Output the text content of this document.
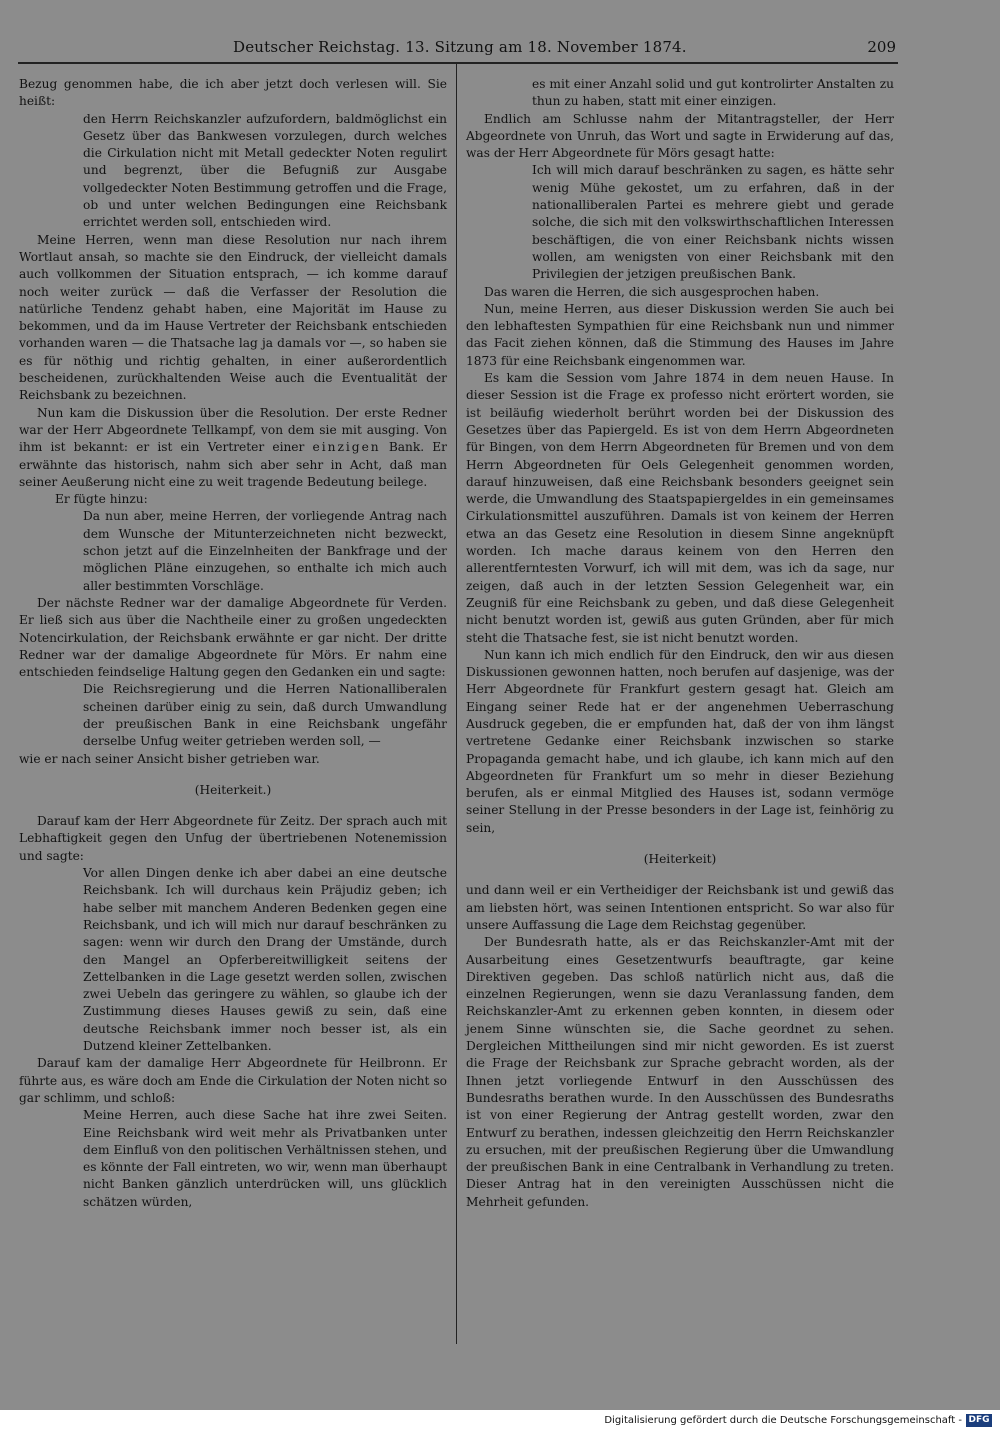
Deutscher Reichstag. 13. Sitzung am 18. November 1874.	209

Bezug genommen habe, die ich aber jetzt doch verlesen will. Sie heißt:

den Herrn Reichskanzler aufzufordern, baldmöglichst ein Gesetz über das Bankwesen vorzulegen, durch welches die Cirkulation nicht mit Metall gedeckter Noten regulirt und begrenzt, über die Befugniß zur Ausgabe vollgedeckter Noten Bestimmung getroffen und die Frage, ob und unter welchen Bedingungen eine Reichsbank errichtet werden soll, entschieden wird.

Meine Herren, wenn man diese Resolution nur nach ihrem Wortlaut ansah, so machte sie den Eindruck, der vielleicht damals auch vollkommen der Situation entsprach, — ich komme darauf noch weiter zurück — daß die Verfasser der Resolution die natürliche Tendenz gehabt haben, eine Majorität im Hause zu bekommen, und da im Hause Vertreter der Reichsbank entschieden vorhanden waren — die Thatsache lag ja damals vor —, so haben sie es für nöthig und richtig gehalten, in einer außerordentlich bescheidenen, zurückhaltenden Weise auch die Eventualität der Reichsbank zu bezeichnen.

Nun kam die Diskussion über die Resolution. Der erste Redner war der Herr Abgeordnete Tellkampf, von dem sie mit ausging. Von ihm ist bekannt: er ist ein Vertreter einer einzigen Bank. Er erwähnte das historisch, nahm sich aber sehr in Acht, daß man seiner Aeußerung nicht eine zu weit tragende Bedeutung beilege.

Er fügte hinzu:

Da nun aber, meine Herren, der vorliegende Antrag nach dem Wunsche der Mitunterzeichneten nicht bezweckt, schon jetzt auf die Einzelnheiten der Bankfrage und der möglichen Pläne einzugehen, so enthalte ich mich auch aller bestimmten Vorschläge.

Der nächste Redner war der damalige Abgeordnete für Verden. Er ließ sich aus über die Nachtheile einer zu großen ungedeckten Notencirkulation, der Reichsbank erwähnte er gar nicht. Der dritte Redner war der damalige Abgeordnete für Mörs. Er nahm eine entschieden feindselige Haltung gegen den Gedanken ein und sagte:

Die Reichsregierung und die Herren Nationalliberalen scheinen darüber einig zu sein, daß durch Umwandlung der preußischen Bank in eine Reichsbank ungefähr derselbe Unfug weiter getrieben werden soll, —

wie er nach seiner Ansicht bisher getrieben war.

(Heiterkeit.)

Darauf kam der Herr Abgeordnete für Zeitz. Der sprach auch mit Lebhaftigkeit gegen den Unfug der übertriebenen Notenemission und sagte:

Vor allen Dingen denke ich aber dabei an eine deutsche Reichsbank. Ich will durchaus kein Präjudiz geben; ich habe selber mit manchem Anderen Bedenken gegen eine Reichsbank, und ich will mich nur darauf beschränken zu sagen: wenn wir durch den Drang der Umstände, durch den Mangel an Opferbereitwilligkeit seitens der Zettelbanken in die Lage gesetzt werden sollen, zwischen zwei Uebeln das geringere zu wählen, so glaube ich der Zustimmung dieses Hauses gewiß zu sein, daß eine deutsche Reichsbank immer noch besser ist, als ein Dutzend kleiner Zettelbanken.

Darauf kam der damalige Herr Abgeordnete für Heilbronn. Er führte aus, es wäre doch am Ende die Cirkulation der Noten nicht so gar schlimm, und schloß:

Meine Herren, auch diese Sache hat ihre zwei Seiten. Eine Reichsbank wird weit mehr als Privatbanken unter dem Einfluß von den politischen Verhältnissen stehen, und es könnte der Fall eintreten, wo wir, wenn man überhaupt nicht Banken gänzlich unterdrücken will, uns glücklich schätzen würden,

es mit einer Anzahl solid und gut kontrolirter Anstalten zu thun zu haben, statt mit einer einzigen.

Endlich am Schlusse nahm der Mitantragsteller, der Herr Abgeordnete von Unruh, das Wort und sagte in Erwiderung auf das, was der Herr Abgeordnete für Mörs gesagt hatte:

Ich will mich darauf beschränken zu sagen, es hätte sehr wenig Mühe gekostet, um zu erfahren, daß in der nationalliberalen Partei es mehrere giebt und gerade solche, die sich mit den volkswirthschaftlichen Interessen beschäftigen, die von einer Reichsbank nichts wissen wollen, am wenigsten von einer Reichsbank mit den Privilegien der jetzigen preußischen Bank.

Das waren die Herren, die sich ausgesprochen haben.

Nun, meine Herren, aus dieser Diskussion werden Sie auch bei den lebhaftesten Sympathien für eine Reichsbank nun und nimmer das Facit ziehen können, daß die Stimmung des Hauses im Jahre 1873 für eine Reichsbank eingenommen war.

Es kam die Session vom Jahre 1874 in dem neuen Hause. In dieser Session ist die Frage ex professo nicht erörtert worden, sie ist beiläufig wiederholt berührt worden bei der Diskussion des Gesetzes über das Papiergeld. Es ist von dem Herrn Abgeordneten für Bingen, von dem Herrn Abgeordneten für Bremen und von dem Herrn Abgeordneten für Oels Gelegenheit genommen worden, darauf hinzuweisen, daß eine Reichsbank besonders geeignet sein werde, die Umwandlung des Staatspapiergeldes in ein gemeinsames Cirkulationsmittel auszuführen. Damals ist von keinem der Herren etwa an das Gesetz eine Resolution in diesem Sinne angeknüpft worden. Ich mache daraus keinem von den Herren den allerentferntesten Vorwurf, ich will mit dem, was ich da sage, nur zeigen, daß auch in der letzten Session Gelegenheit war, ein Zeugniß für eine Reichsbank zu geben, und daß diese Gelegenheit nicht benutzt worden ist, gewiß aus guten Gründen, aber für mich steht die Thatsache fest, sie ist nicht benutzt worden.

Nun kann ich mich endlich für den Eindruck, den wir aus diesen Diskussionen gewonnen hatten, noch berufen auf dasjenige, was der Herr Abgeordnete für Frankfurt gestern gesagt hat. Gleich am Eingang seiner Rede hat er der angenehmen Ueberraschung Ausdruck gegeben, die er empfunden hat, daß der von ihm längst vertretene Gedanke einer Reichsbank inzwischen so starke Propaganda gemacht habe, und ich glaube, ich kann mich auf den Abgeordneten für Frankfurt um so mehr in dieser Beziehung berufen, als er einmal Mitglied des Hauses ist, sodann vermöge seiner Stellung in der Presse besonders in der Lage ist, feinhörig zu sein,

(Heiterkeit)

und dann weil er ein Vertheidiger der Reichsbank ist und gewiß das am liebsten hört, was seinen Intentionen entspricht. So war also für unsere Auffassung die Lage dem Reichstag gegenüber.

Der Bundesrath hatte, als er das Reichskanzler-Amt mit der Ausarbeitung eines Gesetzentwurfs beauftragte, gar keine Direktiven gegeben. Das schloß natürlich nicht aus, daß die einzelnen Regierungen, wenn sie dazu Veranlassung fanden, dem Reichskanzler-Amt zu erkennen geben konnten, in diesem oder jenem Sinne wünschten sie, die Sache geordnet zu sehen. Dergleichen Mittheilungen sind mir nicht geworden. Es ist zuerst die Frage der Reichsbank zur Sprache gebracht worden, als der Ihnen jetzt vorliegende Entwurf in den Ausschüssen des Bundesraths berathen wurde. In den Ausschüssen des Bundesraths ist von einer Regierung der Antrag gestellt worden, zwar den Entwurf zu berathen, indessen gleichzeitig den Herrn Reichskanzler zu ersuchen, mit der preußischen Regierung über die Umwandlung der preußischen Bank in eine Centralbank in Verhandlung zu treten. Dieser Antrag hat in den vereinigten Ausschüssen nicht die Mehrheit gefunden.

Digitalisierung gefördert durch die Deutsche Forschungsgemeinschaft - DFG
